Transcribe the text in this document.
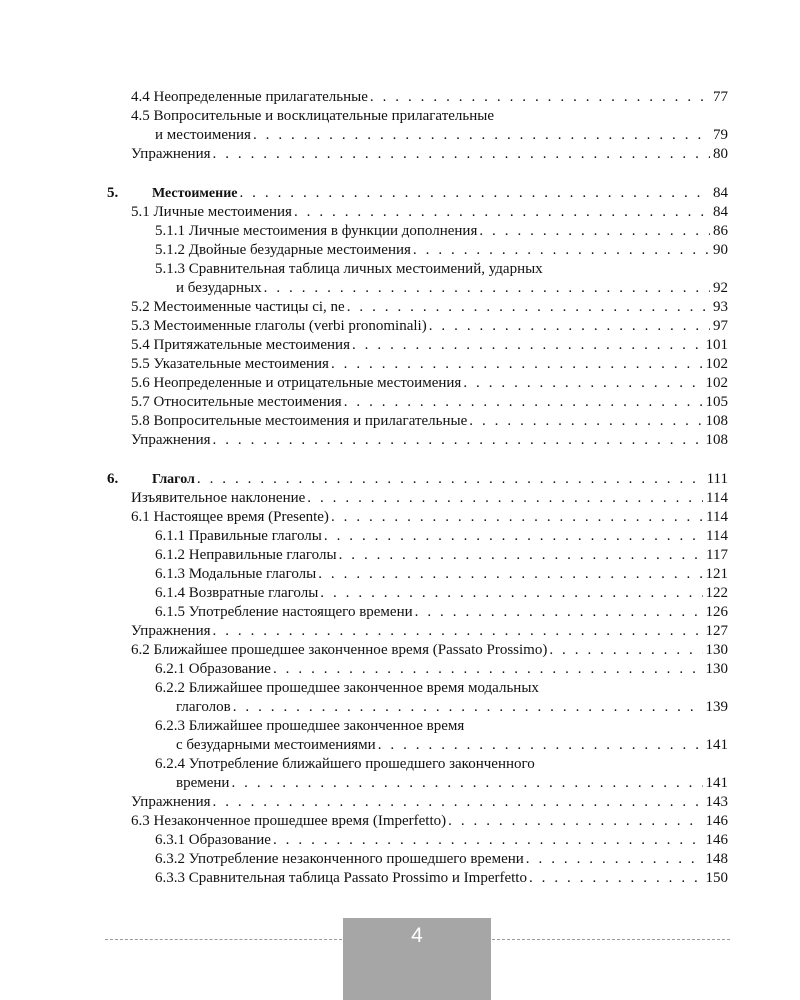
4.4 Неопределенные прилагательные . . .	77
4.5 Вопросительные и восклицательные прилагательные
и местоимения . . .	79
Упражнения . . .	80
5. Местоимение . . .	84
5.1 Личные местоимения . . .	84
5.1.1 Личные местоимения в функции дополнения . . .	86
5.1.2 Двойные безударные местоимения . . .	90
5.1.3 Сравнительная таблица личных местоимений, ударных
и безударных . . .	92
5.2 Местоименные частицы ci, ne . . .	93
5.3 Местоименные глаголы (verbi pronominali) . . .	97
5.4 Притяжательные местоимения . . .	101
5.5 Указательные местоимения . . .	102
5.6 Неопределенные и отрицательные местоимения . . .	102
5.7 Относительные местоимения . . .	105
5.8 Вопросительные местоимения и прилагательные . . .	108
Упражнения . . .	108
6. Глагол . . .	111
Изъявительное наклонение . . .	114
6.1 Настоящее время (Presente) . . .	114
6.1.1 Правильные глаголы . . .	114
6.1.2 Неправильные глаголы . . .	117
6.1.3 Модальные глаголы . . .	121
6.1.4 Возвратные глаголы . . .	122
6.1.5 Употребление настоящего времени . . .	126
Упражнения . . .	127
6.2 Ближайшее прошедшее законченное время (Passato Prossimo) . . .	130
6.2.1 Образование . . .	130
6.2.2 Ближайшее прошедшее законченное время модальных
глаголов . . .	139
6.2.3 Ближайшее прошедшее законченное время
с безударными местоимениями . . .	141
6.2.4 Употребление ближайшего прошедшего законченного
времени . . .	141
Упражнения . . .	143
6.3 Незаконченное прошедшее время (Imperfetto) . . .	146
6.3.1 Образование . . .	146
6.3.2 Употребление незаконченного прошедшего времени . . .	148
6.3.3 Сравнительная таблица Passato Prossimo и Imperfetto . . .	150
4
